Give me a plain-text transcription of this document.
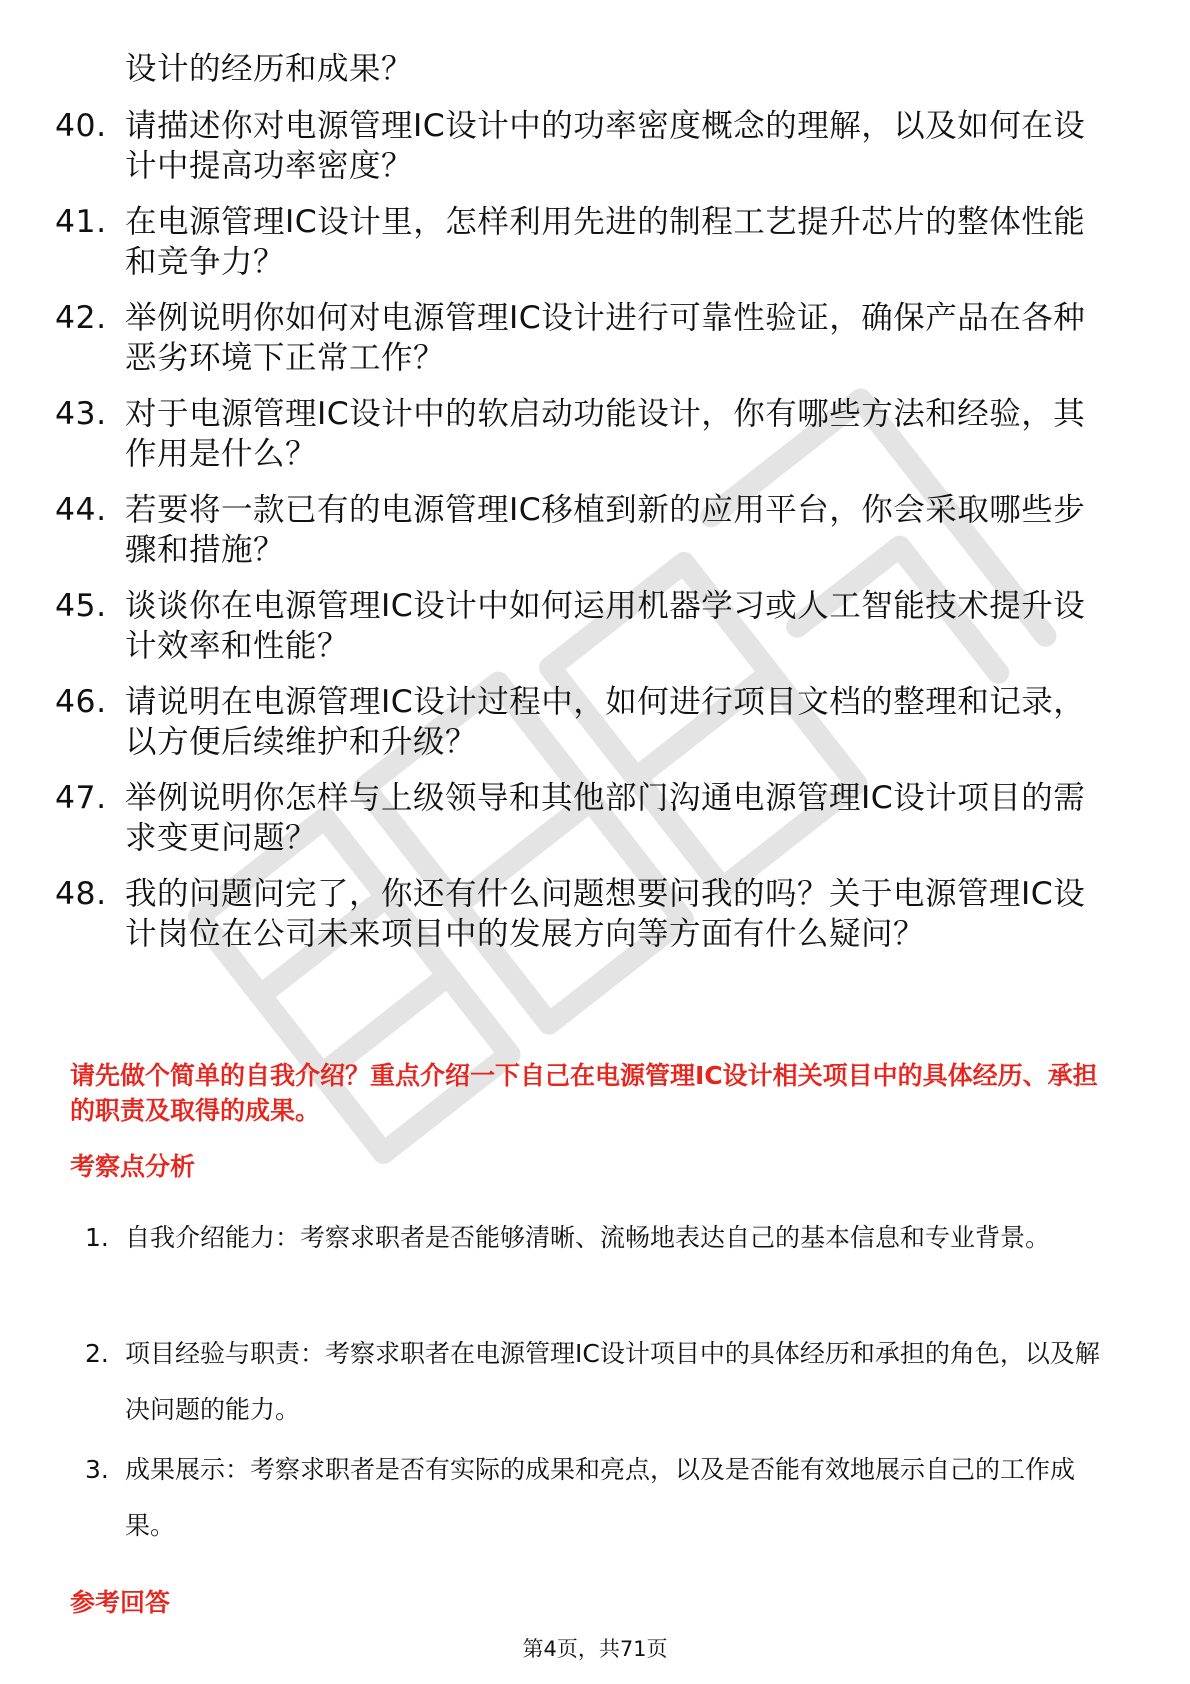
设计的经历和成果？
40. 请描述你对电源管理IC设计中的功率密度概念的理解，以及如何在设计中提高功率密度？
41. 在电源管理IC设计里，怎样利用先进的制程工艺提升芯片的整体性能和竞争力？
42. 举例说明你如何对电源管理IC设计进行可靠性验证，确保产品在各种恶劣环境下正常工作？
43. 对于电源管理IC设计中的软启动功能设计，你有哪些方法和经验，其作用是什么？
44. 若要将一款已有的电源管理IC移植到新的应用平台，你会采取哪些步骤和措施？
45. 谈谈你在电源管理IC设计中如何运用机器学习或人工智能技术提升设计效率和性能？
46. 请说明在电源管理IC设计过程中，如何进行项目文档的整理和记录，以方便后续维护和升级？
47. 举例说明你怎样与上级领导和其他部门沟通电源管理IC设计项目的需求变更问题？
48. 我的问题问完了，你还有什么问题想要问我的吗？关于电源管理IC设计岗位在公司未来项目中的发展方向等方面有什么疑问？
请先做个简单的自我介绍？重点介绍一下自己在电源管理IC设计相关项目中的具体经历、承担的职责及取得的成果。
考察点分析
1. 自我介绍能力：考察求职者是否能够清晰、流畅地表达自己的基本信息和专业背景。
2. 项目经验与职责：考察求职者在电源管理IC设计项目中的具体经历和承担的角色，以及解决问题的能力。
3. 成果展示：考察求职者是否有实际的成果和亮点，以及是否能有效地展示自己的工作成果。
参考回答
第4页，共71页
